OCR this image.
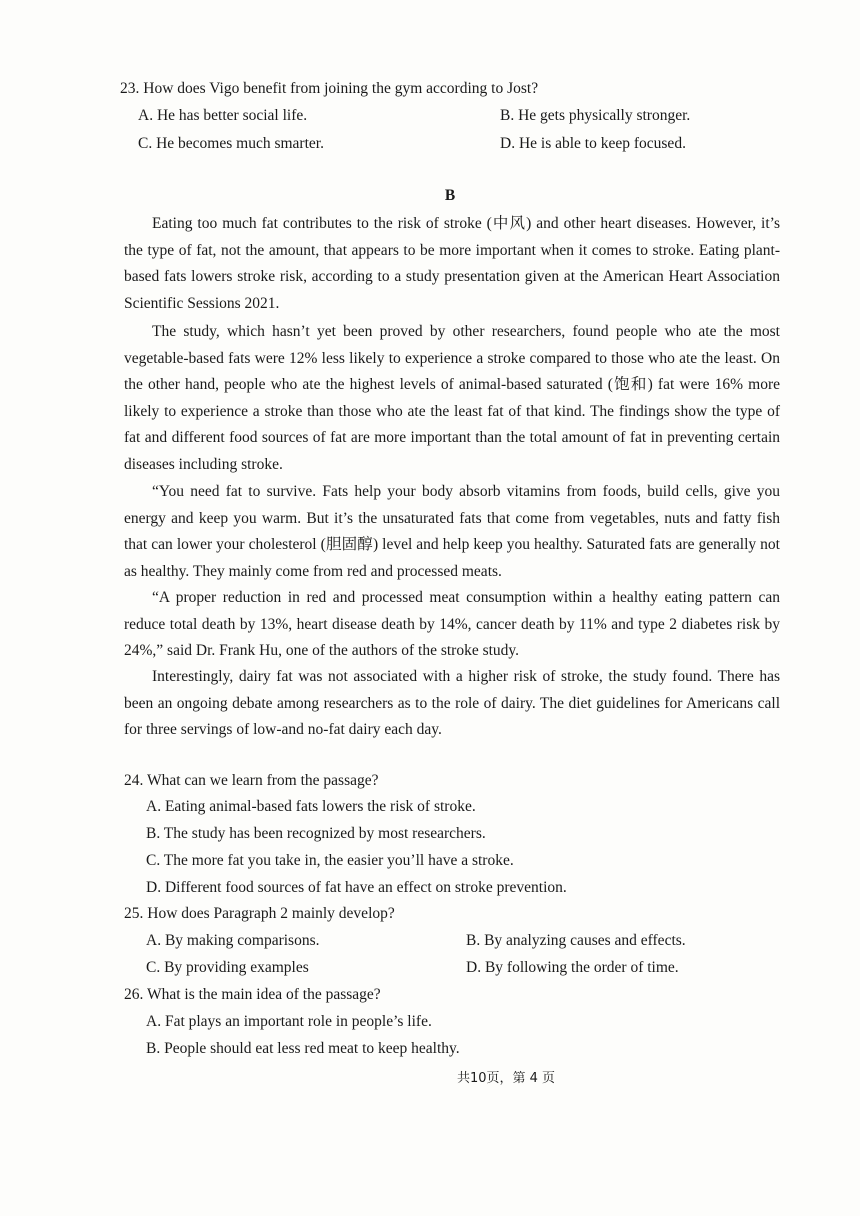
23. How does Vigo benefit from joining the gym according to Jost?
A. He has better social life.	B. He gets physically stronger.
C. He becomes much smarter.	D. He is able to keep focused.
B

Eating too much fat contributes to the risk of stroke (中风) and other heart diseases. However, it’s the type of fat, not the amount, that appears to be more important when it comes to stroke. Eating plant-based fats lowers stroke risk, according to a study presentation given at the American Heart Association Scientific Sessions 2021.

The study, which hasn’t yet been proved by other researchers, found people who ate the most vegetable-based fats were 12% less likely to experience a stroke compared to those who ate the least. On the other hand, people who ate the highest levels of animal-based saturated (饱和) fat were 16% more likely to experience a stroke than those who ate the least fat of that kind. The findings show the type of fat and different food sources of fat are more important than the total amount of fat in preventing certain diseases including stroke.

“You need fat to survive. Fats help your body absorb vitamins from foods, build cells, give you energy and keep you warm. But it’s the unsaturated fats that come from vegetables, nuts and fatty fish that can lower your cholesterol (胆固醇) level and help keep you healthy. Saturated fats are generally not as healthy. They mainly come from red and processed meats.

“A proper reduction in red and processed meat consumption within a healthy eating pattern can reduce total death by 13%, heart disease death by 14%, cancer death by 11% and type 2 diabetes risk by 24%,” said Dr. Frank Hu, one of the authors of the stroke study.

Interestingly, dairy fat was not associated with a higher risk of stroke, the study found. There has been an ongoing debate among researchers as to the role of dairy. The diet guidelines for Americans call for three servings of low-and no-fat dairy each day.

24. What can we learn from the passage?
A. Eating animal-based fats lowers the risk of stroke.
B. The study has been recognized by most researchers.
C. The more fat you take in, the easier you’ll have a stroke.
D. Different food sources of fat have an effect on stroke prevention.
25. How does Paragraph 2 mainly develop?
A. By making comparisons.	B. By analyzing causes and effects.
C. By providing examples	D. By following the order of time.
26. What is the main idea of the passage?
A. Fat plays an important role in people’s life.
B. People should eat less red meat to keep healthy.
共10页，第 4 页
